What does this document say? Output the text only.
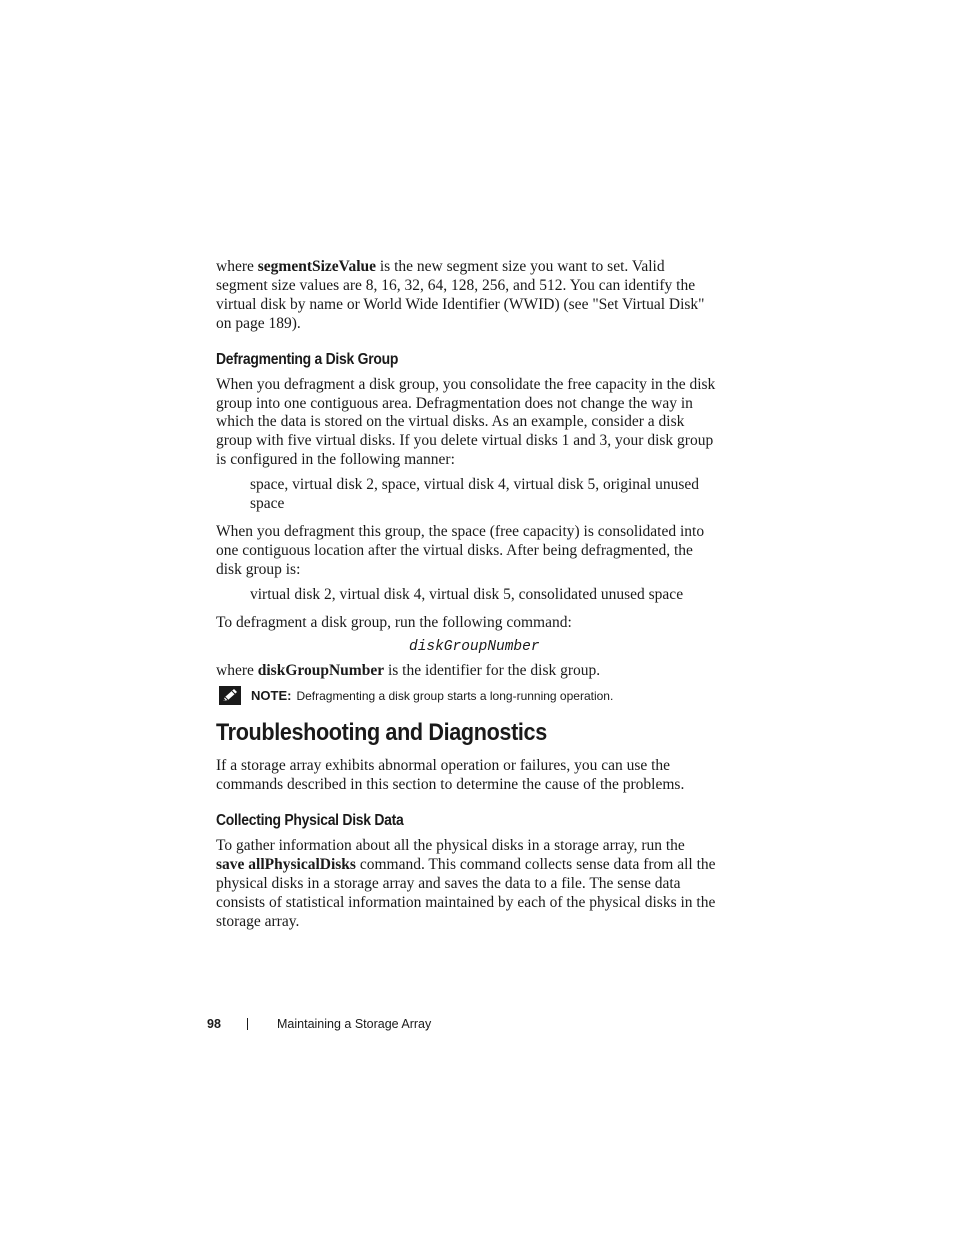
where segmentSizeValue is the new segment size you want to set. Valid segment size values are 8, 16, 32, 64, 128, 256, and 512. You can identify the virtual disk by name or World Wide Identifier (WWID) (see "Set Virtual Disk" on page 189).

Defragmenting a Disk Group

When you defragment a disk group, you consolidate the free capacity in the disk group into one contiguous area. Defragmentation does not change the way in which the data is stored on the virtual disks. As an example, consider a disk group with five virtual disks. If you delete virtual disks 1 and 3, your disk group is configured in the following manner:

space, virtual disk 2, space, virtual disk 4, virtual disk 5, original unused space

When you defragment this group, the space (free capacity) is consolidated into one contiguous location after the virtual disks. After being defragmented, the disk group is:

virtual disk 2, virtual disk 4, virtual disk 5, consolidated unused space

To defragment a disk group, run the following command:

diskGroupNumber

where diskGroupNumber is the identifier for the disk group.

NOTE: Defragmenting a disk group starts a long-running operation.
Troubleshooting and Diagnostics

If a storage array exhibits abnormal operation or failures, you can use the commands described in this section to determine the cause of the problems.

Collecting Physical Disk Data

To gather information about all the physical disks in a storage array, run the save allPhysicalDisks command. This command collects sense data from all the physical disks in a storage array and saves the data to a file. The sense data consists of statistical information maintained by each of the physical disks in the storage array.

98	Maintaining a Storage Array
